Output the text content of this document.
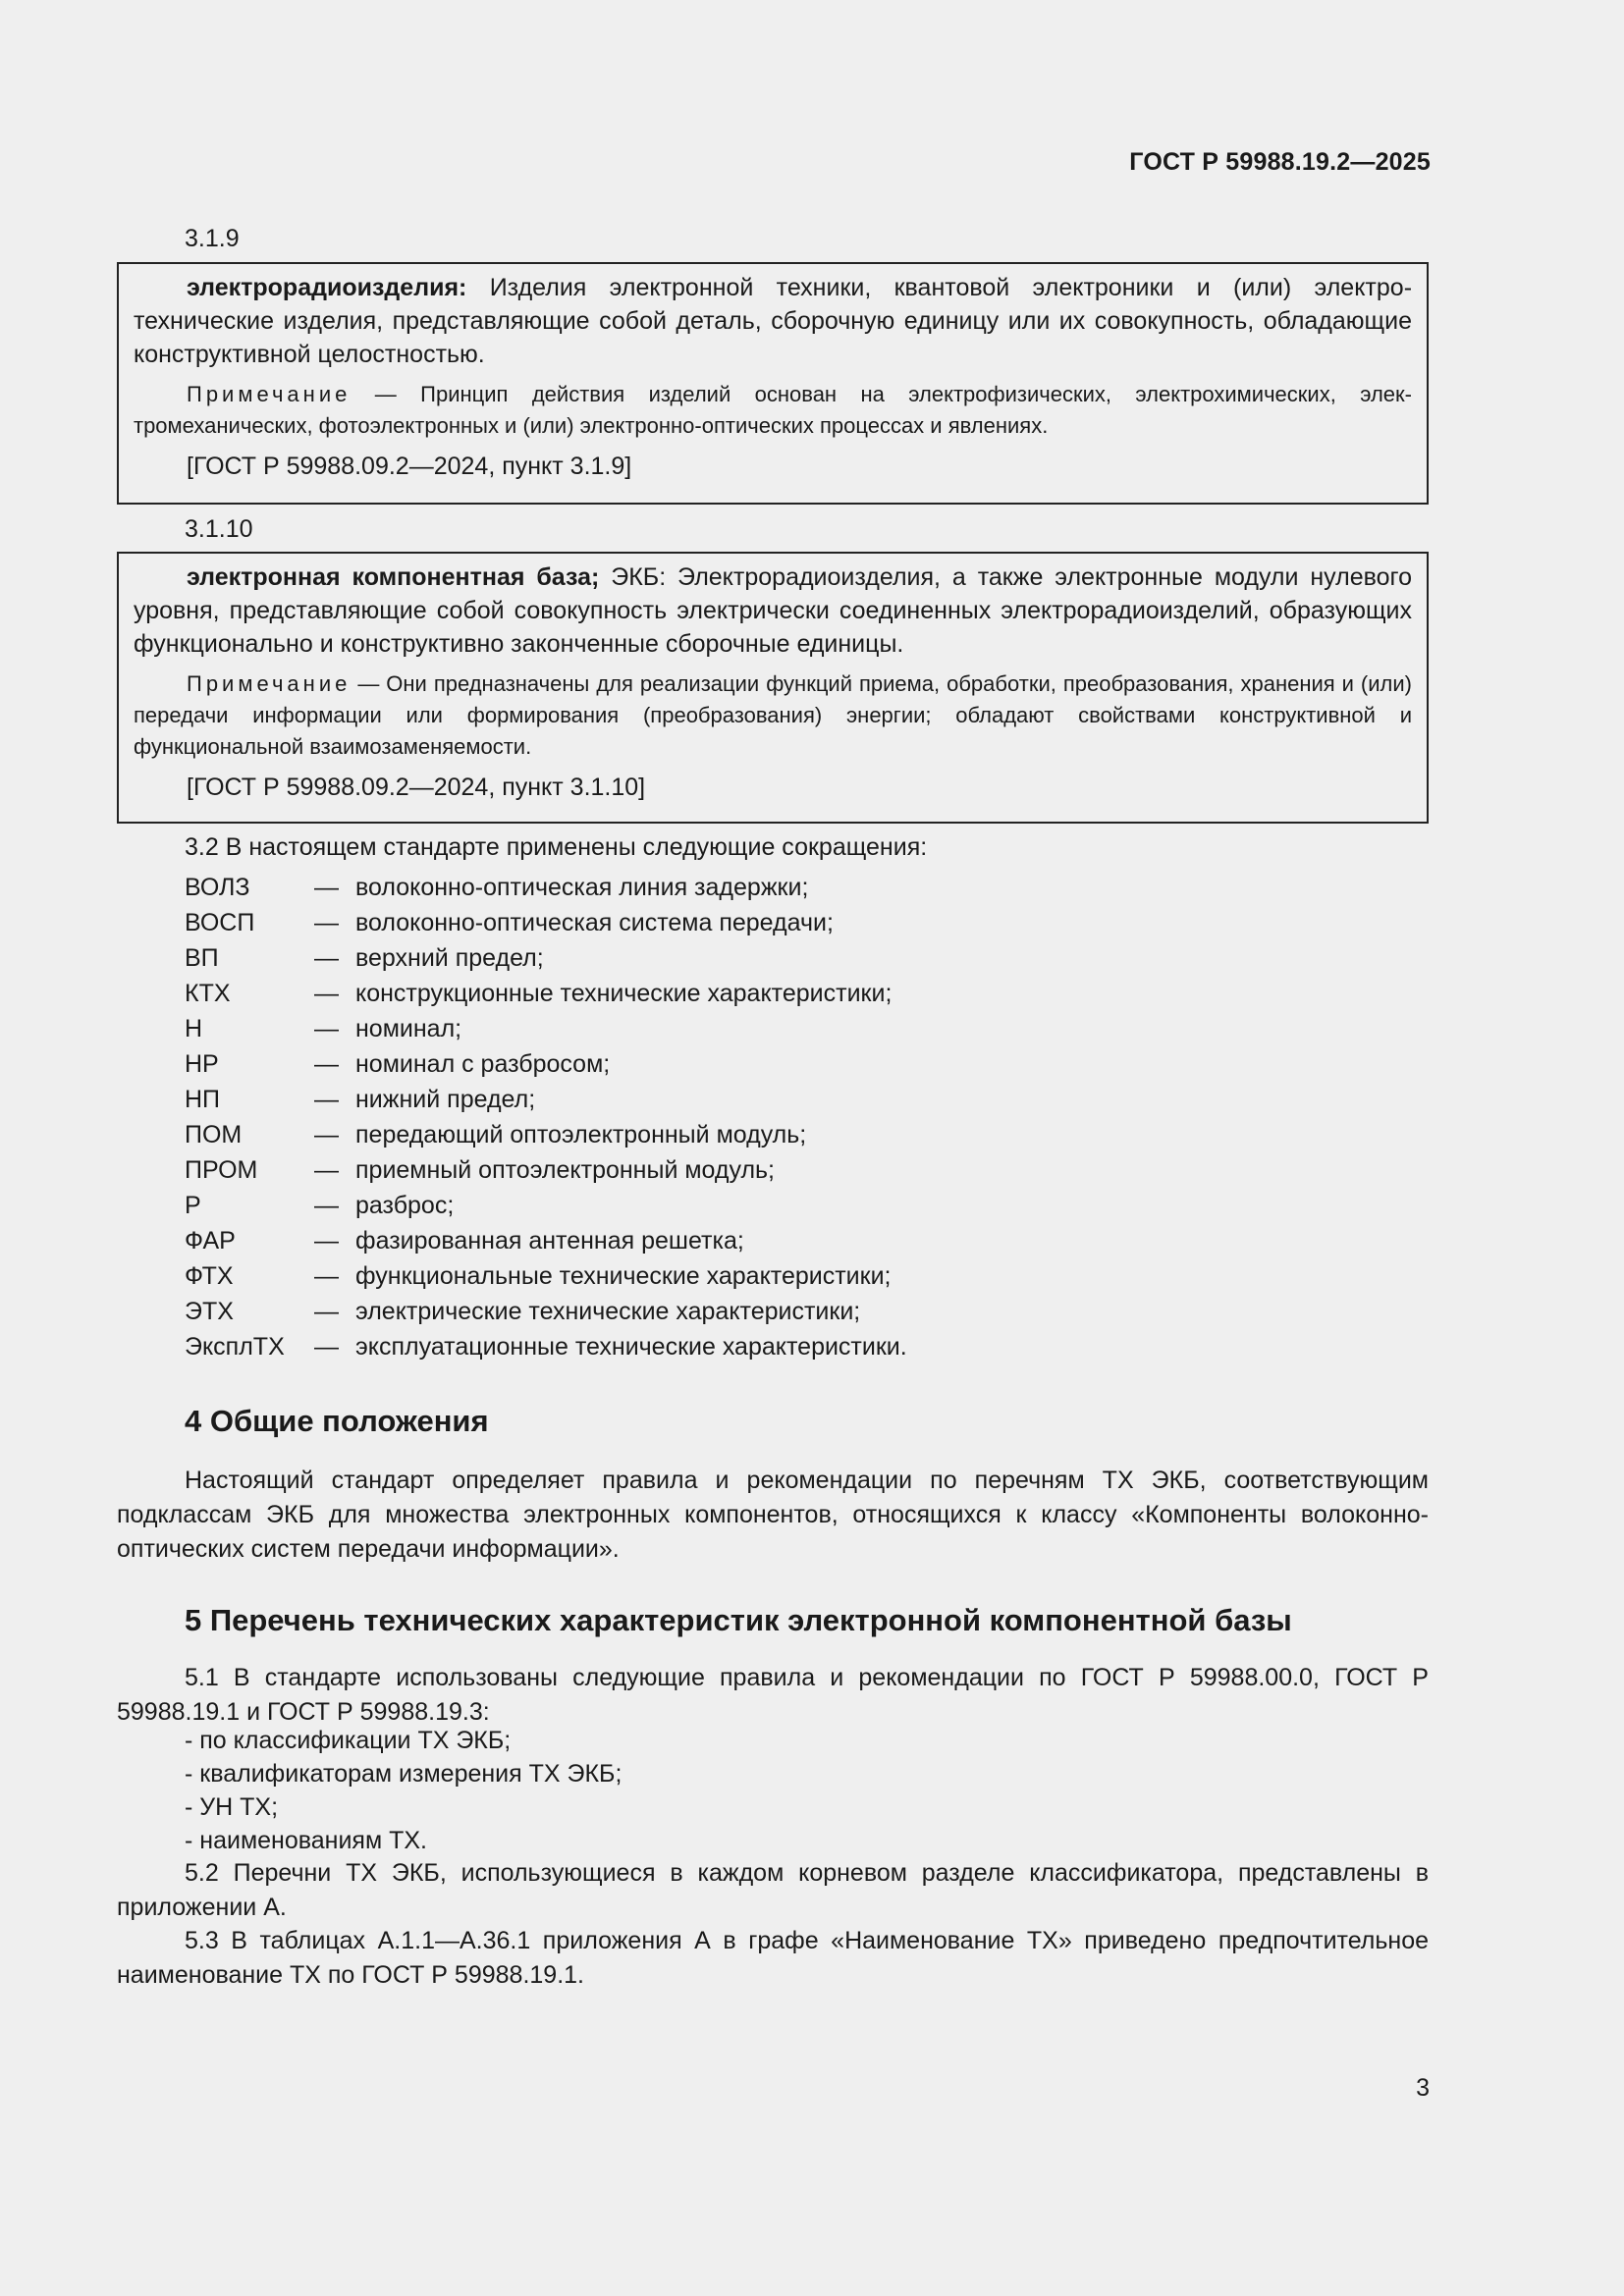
ГОСТ Р 59988.19.2—2025
3.1.9

электрорадиоизделия: Изделия электронной техники, квантовой электроники и (или) электротехнические изделия, представляющие собой деталь, сборочную единицу или их совокупность, обладающие конструктивной целостностью.

Примечание — Принцип действия изделий основан на электрофизических, электрохимических, электромеханических, фотоэлектронных и (или) электронно-оптических процессах и явлениях.

[ГОСТ Р 59988.09.2—2024, пункт 3.1.9]

3.1.10

электронная компонентная база; ЭКБ: Электрорадиоизделия, а также электронные модули нулевого уровня, представляющие собой совокупность электрически соединенных электрорадиоизделий, образующих функционально и конструктивно законченные сборочные единицы.

Примечание — Они предназначены для реализации функций приема, обработки, преобразования, хранения и (или) передачи информации или формирования (преобразования) энергии; обладают свойствами конструктивной и функциональной взаимозаменяемости.

[ГОСТ Р 59988.09.2—2024, пункт 3.1.10]

3.2 В настоящем стандарте применены следующие сокращения:
ВОЛЗ	— волоконно-оптическая линия задержки;
ВОСП	— волоконно-оптическая система передачи;
ВП	— верхний предел;
КТХ	— конструкционные технические характеристики;
Н	— номинал;
НР	— номинал с разбросом;
НП	— нижний предел;
ПОМ	— передающий оптоэлектронный модуль;
ПРОМ	— приемный оптоэлектронный модуль;
Р	— разброс;
ФАР	— фазированная антенная решетка;
ФТХ	— функциональные технические характеристики;
ЭТХ	— электрические технические характеристики;
ЭксплТХ	— эксплуатационные технические характеристики.
4 Общие положения

Настоящий стандарт определяет правила и рекомендации по перечням ТХ ЭКБ, соответствующим подклассам ЭКБ для множества электронных компонентов, относящихся к классу «Компоненты волоконно-оптических систем передачи информации».

5 Перечень технических характеристик электронной компонентной базы

5.1 В стандарте использованы следующие правила и рекомендации по ГОСТ Р 59988.00.0, ГОСТ Р 59988.19.1 и ГОСТ Р 59988.19.3:

- по классификации ТХ ЭКБ;
- квалификаторам измерения ТХ ЭКБ;
- УН ТХ;
- наименованиям ТХ.

5.2 Перечни ТХ ЭКБ, использующиеся в каждом корневом разделе классификатора, представлены в приложении А.

5.3 В таблицах А.1.1—А.36.1 приложения А в графе «Наименование ТХ» приведено предпочтительное наименование ТХ по ГОСТ Р 59988.19.1.

3
